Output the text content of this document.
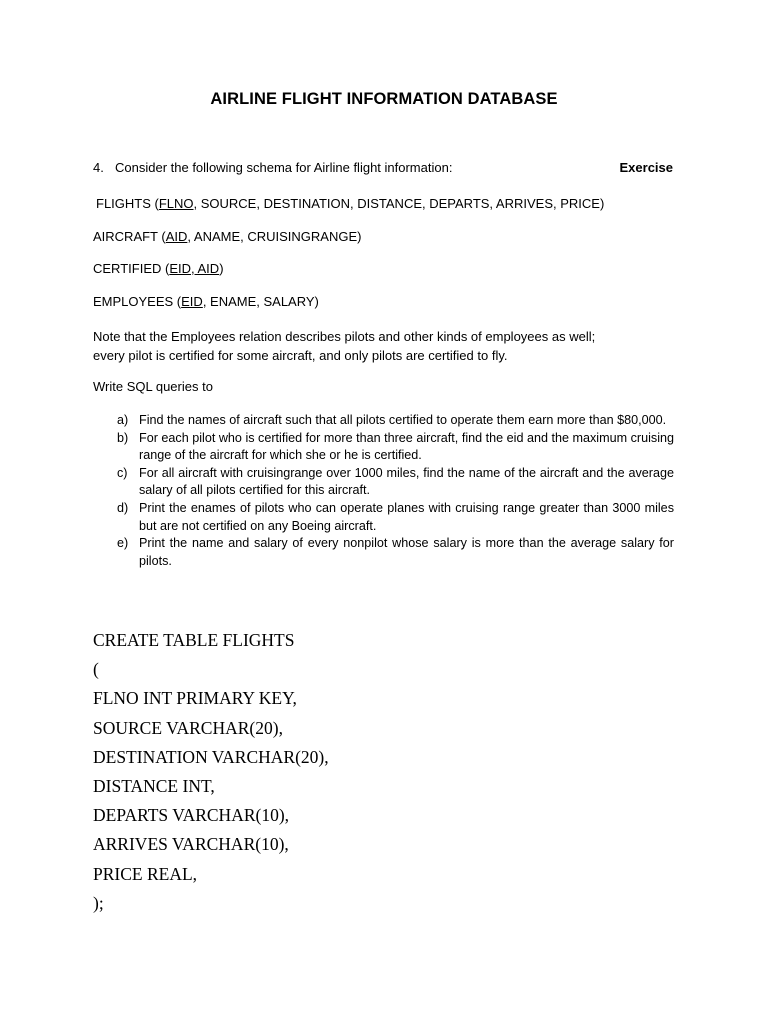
AIRLINE FLIGHT INFORMATION DATABASE
4. Consider the following schema for Airline flight information:	Exercise
FLIGHTS (FLNO, SOURCE, DESTINATION, DISTANCE, DEPARTS, ARRIVES, PRICE)
AIRCRAFT (AID, ANAME, CRUISINGRANGE)
CERTIFIED (EID, AID)
EMPLOYEES (EID, ENAME, SALARY)
Note that the Employees relation describes pilots and other kinds of employees as well;
every pilot is certified for some aircraft, and only pilots are certified to fly.
Write SQL queries to
a) Find the names of aircraft such that all pilots certified to operate them earn more than $80,000.
b) For each pilot who is certified for more than three aircraft, find the eid and the maximum cruising range of the aircraft for which she or he is certified.
c) For all aircraft with cruisingrange over 1000 miles, find the name of the aircraft and the average salary of all pilots certified for this aircraft.
d) Print the enames of pilots who can operate planes with cruising range greater than 3000 miles but are not certified on any Boeing aircraft.
e) Print the name and salary of every nonpilot whose salary is more than the average salary for pilots.
CREATE TABLE FLIGHTS
(
FLNO INT PRIMARY KEY,
SOURCE VARCHAR(20),
DESTINATION VARCHAR(20),
DISTANCE INT,
DEPARTS VARCHAR(10),
ARRIVES VARCHAR(10),
PRICE REAL,
);
